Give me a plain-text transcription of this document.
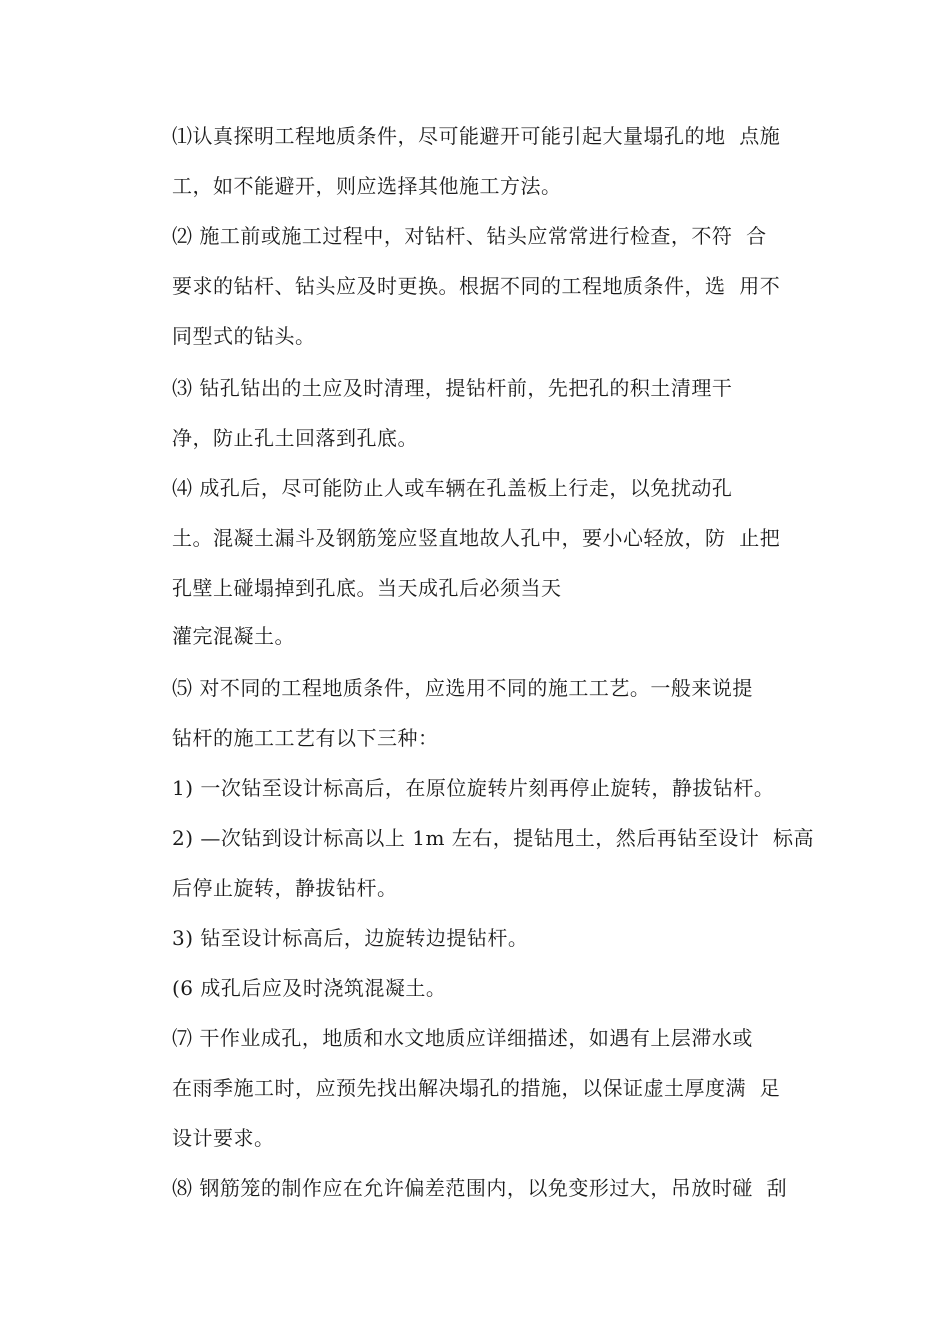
⑴认真探明工程地质条件，尽可能避开可能引起大量塌孔的地  点施
工，如不能避开，则应选择其他施工方法。
⑵ 施工前或施工过程中，对钻杆、钻头应常常进行检查，不符  合
要求的钻杆、钻头应及时更换。根据不同的工程地质条件，选  用不
同型式的钻头。
⑶ 钻孔钻出的土应及时清理，提钻杆前，先把孔的积土清理干
净，防止孔土回落到孔底。
⑷ 成孔后，尽可能防止人或车辆在孔盖板上行走，以免扰动孔
土。混凝土漏斗及钢筋笼应竖直地故人孔中，要小心轻放，防  止把
孔壁上碰塌掉到孔底。当天成孔后必须当天
灌完混凝土。
⑸ 对不同的工程地质条件，应选用不同的施工工艺。一般来说提
钻杆的施工工艺有以下三种：
1) 一次钻至设计标高后，在原位旋转片刻再停止旋转，静拔钻杆。
2) —次钻到设计标高以上 1m 左右，提钻甩土，然后再钻至设计  标高
后停止旋转，静拔钻杆。
3) 钻至设计标高后，边旋转边提钻杆。
(6 成孔后应及时浇筑混凝土。
⑺ 干作业成孔，地质和水文地质应详细描述，如遇有上层滞水或
在雨季施工时，应预先找出解决塌孔的措施，以保证虚土厚度满  足
设计要求。
⑻ 钢筋笼的制作应在允许偏差范围内，以免变形过大，吊放时碰  刮
